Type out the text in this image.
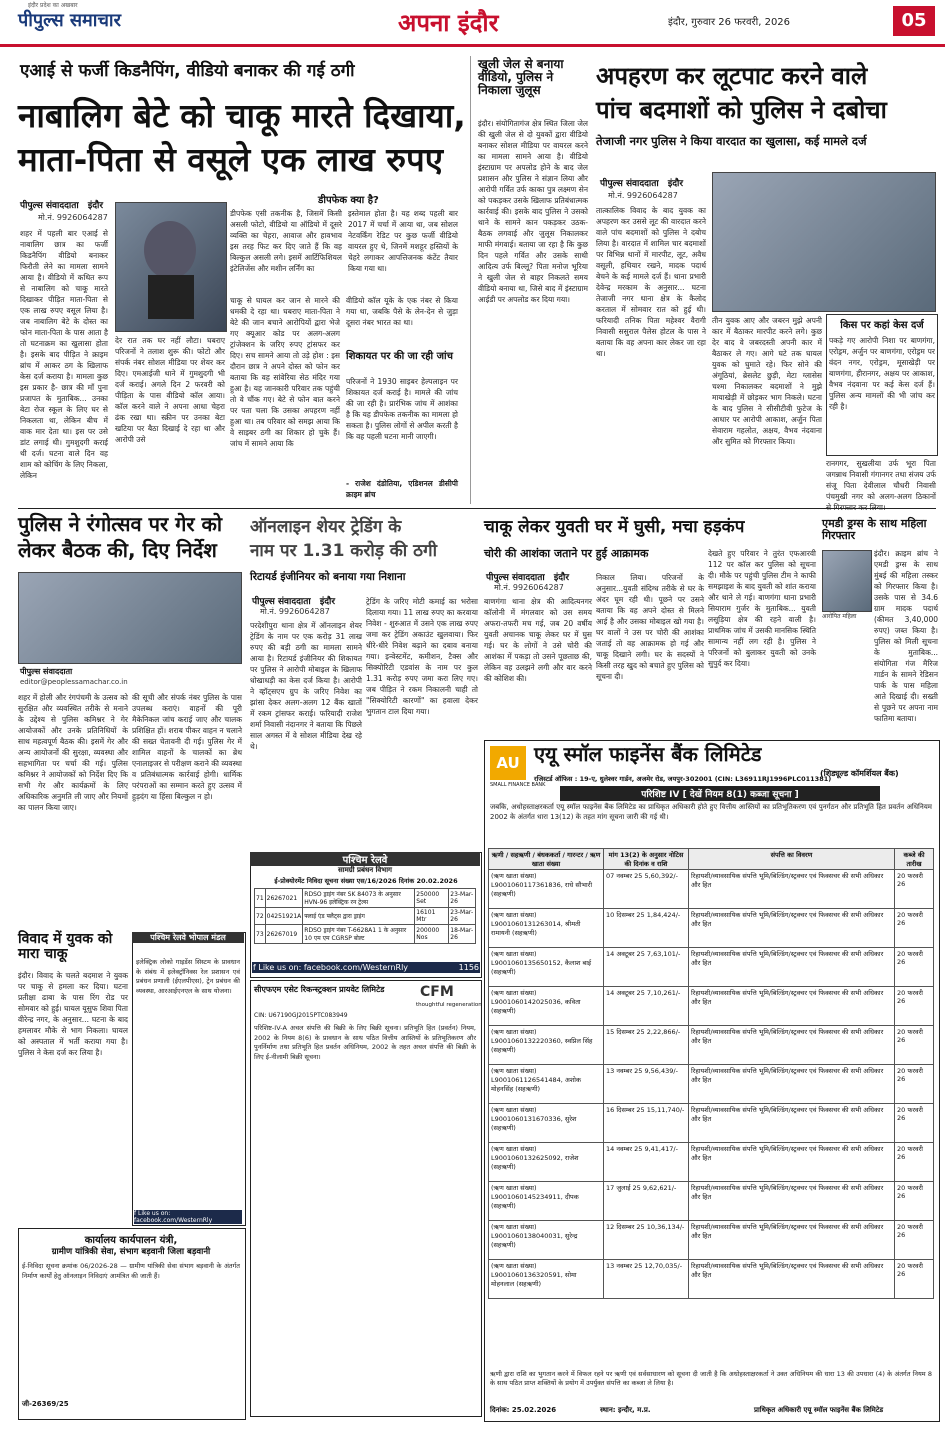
इंदौर प्रदेश का अखबार
पीपुल्स समाचार	अपना इंदौर	इंदौर, गुरुवार 26 फरवरी, 2026	05
एआई से फर्जी किडनैपिंग, वीडियो बनाकर की गई ठगी
नाबालिग बेटे को चाकू मारते दिखाया,
माता-पिता से वसूले एक लाख रुपए
पीपुल्स संवाददाता इंदौर
मो.नं. 9926064287
शहर में पहली बार एआई से नाबालिग छात्र का फर्जी किडनैपिंग वीडियो बनाकर फिरौती लेने का मामला सामने आया है। वीडियो में कथित रूप से नाबालिग को चाकू मारते दिखाकर पीड़ित माता-पिता से एक लाख रुपए वसूल लिया है। जब नाबालिग बेटे के दोस्त का फोन माता-पिता के पास आता है तो घटनाक्रम का खुलासा होता है। इसके बाद पीड़ित ने क्राइम ब्रांच में आकर ठग के खिलाफ केस दर्ज कराया है। मामला कुछ इस प्रकार है- छात्र की माँ पुना प्रजापत के मुताबिक... उनका बेटा रोज स्कूल के लिए घर से निकलता था, लेकिन बीच में वाक मार देता था। इस पर उसे डांट लगाई थी। गुमशुदगी कराई थी दर्ज। घटना वाले दिन वह शाम को कोचिंग के लिए निकला, लेकिन
डीपफेक क्या है?
डीपफेक एसी तकनीक है, जिसमें किसी असली फोटो, वीडियो या ऑडियो में दूसरे व्यक्ति का चेहरा, आवाज और हावभाव इस तरह फिट कर दिए जाते हैं कि वह बिल्कुल असली लगे। इसमें आर्टिफिशियल इंटेलिजेंस और मशीन लर्निंग का
इस्तेमाल होता है। यह शब्द पहली बार 2017 में चर्चा में आया था, जब सोशल नेटवर्किंग रेडिट पर कुछ फर्जी वीडियो वायरल हुए थे, जिनमें मशहूर हस्तियों के चेहरे लगाकर आपत्तिजनक कंटेंट तैयार किया गया था।
देर रात तक घर नहीं लौटा। घबराए परिजनों ने तलाश शुरू की। फोटो और संपर्क नंबर सोशल मीडिया पर शेयर कर दिए। एमआईजी थाने में गुमशुदगी भी दर्ज कराई। अगले दिन 2 फरवरी को पीड़िता के पास वीडियो कॉल आया। कॉल करने वाले ने अपना आधा चेहरा ढंक रखा था। स्क्रीन पर उनका बेटा खटिया पर बैठा दिखाई दे रहा था और आरोपी उसे
चाकू से घायल कर जान से मारने की धमकी दे रहा था। घबराए माता-पिता ने बेटे की जान बचाने आरोपियों द्वारा भेजे गए क्यूआर कोड पर अलग-अलग ट्रांजेक्शन के जरिए रुपए ट्रांसफर कर दिए। सच सामने आया तो उड़े होश : इस दौरान छात्र ने अपने दोस्त को फोन कर बताया कि वह सांवेरिया सेठ मंदिर गया हुआ है। यह जानकारी परिवार तक पहुंची तो वे चौंक गए। बेटे से फोन बात करने पर पता चला कि उसका अपहरण नहीं हुआ था। तब परिवार को समझ आया कि वे साइबर ठगी का शिकार हो चुके हैं। जांच में सामने आया कि
वीडियो कॉल यूके के एक नंबर से किया गया था, जबकि पैसे के लेन-देन से जुड़ा दूसरा नंबर भारत का था।
शिकायत पर की जा रही जांच
परिजनों ने 1930 साइबर हेल्पलाइन पर शिकायत दर्ज कराई है। मामले की जांच की जा रही है। प्रारंभिक जांच में आशंका है कि यह डीपफेक तकनीक का मामला हो सकता है। पुलिस लोगों से अपील करती है कि वह पहली घटना मानी जाएगी।
- राजेश दंडोतिया, एडिशनल डीसीपी क्राइम ब्रांच
खुली जेल से बनाया वीडियो, पुलिस ने निकाला जुलूस
इंदौर। संयोगितागंज क्षेत्र स्थित जिला जेल की खुली जेल से दो युवकों द्वारा वीडियो बनाकर सोशल मीडिया पर वायरल करने का मामला सामने आया है। वीडियो इंस्टाग्राम पर अपलोड होने के बाद जेल प्रशासन और पुलिस ने संज्ञान लिया और आरोपी गर्वित उर्फ काका पुत्र लक्ष्मण सेन को पकड़कर उसके खिलाफ प्रतिबंधात्मक कार्रवाई की। इसके बाद पुलिस ने उसको थाने के सामने कान पकड़कर उठक-बैठक लगवाई और जुलूस निकालकर माफी मंगवाई। बताया जा रहा है कि कुछ दिन पहले गर्वित और उसके साथी आदित्य उर्फ बिल्लू? पिता मनोज भूरिया ने खुली जेल से बाहर निकलते समय वीडियो बनाया था, जिसे बाद में इंस्टाग्राम आईडी पर अपलोड कर दिया गया।
अपहरण कर लूटपाट करने वाले
पांच बदमाशों को पुलिस ने दबोचा
तेजाजी नगर पुलिस ने किया वारदात का खुलासा, कई मामले दर्ज
पीपुल्स संवाददाता इंदौर
मो.नं. 9926064287
तात्कालिक विवाद के बाद युवक का अपहरण कर उससे लूट की वारदात करने वाले पांच बदमाशों को पुलिस ने दबोच लिया है। वारदात में शामिल चार बदमाशों पर विभिन्न थानों में मारपीट, लूट, अवैध वसूली, हथियार रखने, मादक पदार्थ बेचने के कई मामले दर्ज हैं। थाना प्रभारी देवेन्द्र मरकाम के अनुसार... घटना तेजाजी नगर थाना क्षेत्र के कैलोद करताल में सोमवार रात को हुई थी। फरियादी तनिक पिता महेश्वर वैरागी निवासी ससुराल पैलेस होटल के पास ने बताया कि वह अपना कार लेकर जा रहा था।
तीन युवक आए और जबरन मुझे अपनी कार में बैठाकर मारपीट करने लगे। कुछ देर बाद वे जबरदस्ती अपनी कार में बैठाकर ले गए। आगे घटे तक घायल युवक को घुमाते रहे। फिर सोने की अंगूठियां, ब्रेसलेट छुड़ी, मेटा ग्लासेस चश्मा निकालकर बदमाशों ने मुझे मायाखेड़ी में छोड़कर भाग निकले। घटना के बाद पुलिस ने सीसीटीवी फुटेज के आधार पर आरोपी आकाश, अर्जुन पिता सेवाराम गहलोत, अक्षय, वैभव नंदवाना और सुमित को गिरफ्तार किया।
किस पर कहां केस दर्ज
पकड़े गए आरोपी निशा पर बाणगंगा, एरोड्रम, अर्जुन पर बाणगंगा, एरोड्रम पर वंदन नगर, एरोड्रम, मूसाखेड़ी पर बाणगंगा, हीरानगर, अक्षय पर आकाश, वैभव नंदवाना पर कई केस दर्ज हैं। पुलिस अन्य मामलों की भी जांच कर रही है।
रानगगर, सुखलीया उर्फ भूरा पिता जगन्नाथ निवासी गंगानगर तथा संजय उर्फ संजू पिता देवीलाल चौधरी निवासी पंचमुखी नगर को अलग-अलग ठिकानों
पुलिस ने रंगोत्सव पर गेर को
लेकर बैठक की, दिए निर्देश
पीपुल्स संवाददाता
editor@peoplessamachar.co.in
शहर में होली और रंगपंचमी के उत्सव को सुरक्षित और व्यवस्थित तरीके से मनाने के उद्देश्य से पुलिस कमिश्नर ने गेर आयोजकों और उनके प्रतिनिधियों के साथ महत्वपूर्ण बैठक की। इसमें गेर और अन्य आयोजनों की सुरक्षा, व्यवस्था और सहभागिता पर चर्चा की गई। पुलिस कमिश्नर ने आयोजकों को निर्देश दिए कि सभी गेर और कार्यक्रमों के लिए अधिकारिक अनुमति ली जाए और नियमों का पालन किया जाए।
की सूची और संपर्क नंबर पुलिस के पास उपलब्ध कराएं। वाहनों की पूरी मैकेनिकल जांच कराई जाए और चालक प्रशिक्षित हों। शराब पीकर वाहन न चलाने की सख्त चेतावनी दी गई। पुलिस गेर में शामिल वाहनों के चालकों का ब्रेथ एनालाइजर से परीक्षण कराने की व्यवस्था व प्रतिबंधात्मक कार्रवाई होगी। धार्मिक परंपराओं का सम्मान करते हुए उत्सव में हुड़दंग या हिंसा बिल्कुल न हो।
ऑनलाइन शेयर ट्रेडिंग के
नाम पर 1.31 करोड़ की ठगी
रिटायर्ड इंजीनियर को बनाया गया निशाना
पीपुल्स संवाददाता इंदौर
मो.नं. 9926064287
परदेशीपुरा थाना क्षेत्र में ऑनलाइन शेयर ट्रेडिंग के नाम पर एक करोड़ 31 लाख रुपए की बड़ी ठगी का मामला सामने आया है। रिटायर्ड इंजीनियर की शिकायत पर पुलिस ने आरोपी मोबाइल के खिलाफ धोखाधड़ी का केस दर्ज किया है। आरोपी ने व्हॉट्सएप ग्रुप के जरिए निवेश का झांसा देकर अलग-अलग 12 बैंक खातों में रकम ट्रांसफर कराई। फरियादी राजेश शर्मा निवासी नंदानगर ने बताया कि पिछले साल अगस्त में वे सोशल मीडिया देख रहे थे।
ट्रेडिंग के जरिए मोटी कमाई का भरोसा दिलाया गया। 11 लाख रुपए का करवाया निवेश - शुरुआत में उसने एक लाख रुपए जमा कर ट्रेडिंग अकाउंट खुलवाया। फिर धीरे-धीरे निवेश बढ़ाने का दबाव बनाया गया। इन्वेस्टमेंट, कमीशन, टैक्स और सिक्योरिटी एडवांस के नाम पर कुल 1.31 करोड़ रुपए जमा करा लिए गए। जब पीड़ित ने रकम निकालनी चाही तो "सिक्योरिटी कारणों" का हवाला देकर भुगतान टाल दिया गया।
चाकू लेकर युवती घर में घुसी, मचा हड़कंप
चोरी की आशंका जताने पर हुई आक्रामक
पीपुल्स संवाददाता इंदौर
मो.नं. 9926064287
बाणगंगा थाना क्षेत्र की आदित्यनगर कॉलोनी में मंगलवार को उस समय अफरा-तफरी मच गई, जब 20 वर्षीय युवती अचानक चाकू लेकर घर में घुस गई। घर के लोगों ने उसे चोरी की आशंका में पकड़ा तो उसने पूछताछ की, लेकिन वह उलझने लगी और वार करने की कोशिश की।
निकाल लिया। परिजनों के अनुसार...युवती संदिग्ध तरीके से घर के अंदर घूम रही थी। पूछने पर उसने बताया कि वह अपने दोस्त से मिलने आई है और उसका मोबाइल खो गया है। घर वालों ने उस पर चोरी की आशंका जताई तो वह आक्रामक हो गई और चाकू दिखाने लगी। घर के सदस्यों ने किसी तरह खुद को बचाते हुए पुलिस को सूचना दी।
देखते हुए परिवार ने तुरंत एफआरवी 112 पर कॉल कर पुलिस को सूचना दी। मौके पर पहुंची पुलिस टीम ने काफी समझाइश के बाद युवती को शांत कराया और थाने ले गई। बाणगंगा थाना प्रभारी सियाराम गुर्जर के मुताबिक... युवती लसूड़िया क्षेत्र की रहने वाली है। प्राथमिक जांच में उसकी मानसिक स्थिति सामान्य नहीं लग रही है। पुलिस ने परिजनों को बुलाकर युवती को उनके सुपुर्द कर दिया।
एमडी ड्रग्स के साथ महिला गिरफ्तार
आरोपित महिला
इंदौर। क्राइम ब्रांच ने एमडी ड्रग्स के साथ मुंबई की महिला तस्कर को गिरफ्तार किया है। उसके पास से 34.6 ग्राम मादक पदार्थ (कीमत 3,40,000 रुपए) जब्त किया है। पुलिस को मिली सूचना के मुताबिक... संयोगिता गंज मैरिज गार्डन के सामने रेडिसन पार्क के पास महिला आते दिखाई दी। सख्ती से पूछने पर अपना नाम फातिमा बताया।
AU
SMALL FINANCE BANK
एयू स्मॉल फाइनेंस बैंक लिमिटेड
(शिड्यूल्ड कॉमर्शियल बैंक)
रजिस्टर्ड ऑफिस : 19-ए, धुलेश्वर गार्डन, अजमेर रोड, जयपुर-302001 (CIN: L36911RJ1996PLC011381)
परिशिष्ट IV [ देखें नियम 8(1) कब्जा सूचना ]
जबकि, अधोहस्ताक्षरकर्ता एयू स्मॉल फाइनेंस बैंक लिमिटेड का प्राधिकृत अधिकारी होते हुए वित्तीय आस्तियों का प्रतिभूतिकरण एवं पुनर्गठन और प्रतिभूति हित प्रवर्तन अधिनियम 2002 के अंतर्गत धारा 13(12) के तहत मांग सूचना जारी की गई थी।
ऋणी / सहऋणी / बंधककर्ता / गारन्टर / ऋण खाता संख्या	मांग 13(2) के अनुसार नोटिस की दिनांक व राशि	संपत्ति का विवरण	कब्जे की तारीख
(ऋण खाता संख्या) L9001060117361836, राधे सौभारी (सहऋणी)	07 नवम्बर 25 5,60,392/-	रिहायशी/व्यावसायिक संपत्ति भूमि/बिल्डिंग/स्ट्रक्चर एवं फिक्सचर की सभी अधिकार और हित	20 फरवरी 26
(ऋण खाता संख्या) L9001060131263014, श्रीमती रामायनी (सहऋणी)	10 दिसम्बर 25 1,84,424/-	रिहायशी/व्यावसायिक संपत्ति भूमि/बिल्डिंग/स्ट्रक्चर एवं फिक्सचर की सभी अधिकार और हित	20 फरवरी 26
(ऋण खाता संख्या) L9001060135650152, कैलाश बाई (सहऋणी)	14 अक्टूबर 25 7,63,101/-	रिहायशी/व्यावसायिक संपत्ति भूमि/बिल्डिंग/स्ट्रक्चर एवं फिक्सचर की सभी अधिकार और हित	20 फरवरी 26
(ऋण खाता संख्या) L9001060142025036, कविता (सहऋणी)	14 अक्टूबर 25 7,10,261/-	रिहायशी/व्यावसायिक संपत्ति भूमि/बिल्डिंग/स्ट्रक्चर एवं फिक्सचर की सभी अधिकार और हित	20 फरवरी 26
(ऋण खाता संख्या) L9001060132220360, स्वप्निल सिंह (सहऋणी)	15 दिसम्बर 25 2,22,866/-	रिहायशी/व्यावसायिक संपत्ति भूमि/बिल्डिंग/स्ट्रक्चर एवं फिक्सचर की सभी अधिकार और हित	20 फरवरी 26
(ऋण खाता संख्या) L9001061126541484, अशोक मोहनसिंह (सहऋणी)	13 नवम्बर 25 9,56,439/-	रिहायशी/व्यावसायिक संपत्ति भूमि/बिल्डिंग/स्ट्रक्चर एवं फिक्सचर की सभी अधिकार और हित	20 फरवरी 26
(ऋण खाता संख्या) L9001060131670336, सुरेश (सहऋणी)	16 दिसम्बर 25 15,11,740/-	रिहायशी/व्यावसायिक संपत्ति भूमि/बिल्डिंग/स्ट्रक्चर एवं फिक्सचर की सभी अधिकार और हित	20 फरवरी 26
(ऋण खाता संख्या) L9001060132625092, राजेश (सहऋणी)	14 नवम्बर 25 9,41,417/-	रिहायशी/व्यावसायिक संपत्ति भूमि/बिल्डिंग/स्ट्रक्चर एवं फिक्सचर की सभी अधिकार और हित	20 फरवरी 26
(ऋण खाता संख्या) L9001060145234911, दीपक (सहऋणी)	17 जुलाई 25 9,62,621/-	रिहायशी/व्यावसायिक संपत्ति भूमि/बिल्डिंग/स्ट्रक्चर एवं फिक्सचर की सभी अधिकार और हित	20 फरवरी 26
(ऋण खाता संख्या) L9001060138040031, सुरेन्द्र (सहऋणी)	12 दिसम्बर 25 10,36,134/-	रिहायशी/व्यावसायिक संपत्ति भूमि/बिल्डिंग/स्ट्रक्चर एवं फिक्सचर की सभी अधिकार और हित	20 फरवरी 26
(ऋण खाता संख्या) L9001060136320591, सोमा मोहनलाल (सहऋणी)	13 नवम्बर 25 12,70,035/-	रिहायशी/व्यावसायिक संपत्ति भूमि/बिल्डिंग/स्ट्रक्चर एवं फिक्सचर की सभी अधिकार और हित	20 फरवरी 26
ऋणी द्वारा राशि का भुगतान करने में विफल रहने पर ऋणी एवं सर्वसाधारण को सूचना दी जाती है कि अधोहस्ताक्षरकर्ता ने उक्त अधिनियम की धारा 13 की उपधारा (4) के अंतर्गत नियम 8 के साथ पठित प्राप्त शक्तियों के प्रयोग में उपर्युक्त संपत्ति का कब्जा ले लिया है।
दिनांक: 25.02.2026	स्थान: इन्दौर, म.प्र.	प्राधिकृत अधिकारी एयू स्मॉल फाइनेंस बैंक लिमिटेड
पश्चिम रेलवे
सामग्री प्रबंधन विभाग
ई-प्रोक्योरमेंट निविदा सूचना संख्या एस/16/2026 दिनांक 20.02.2026
71	26267021	RDSO ड्राइंग नंबर SK 84073 के अनुसार HVN-96 इलेक्ट्रिक रन ट्रेल्स	250000 Set	23-Mar-26
72	04251921A	फ्लाई एंड फ्लैट्स द्वारा ड्राइंग	16101 Mtr	23-Mar-26
73	26267019	RDSO ड्राइंग नंबर T-6628A1 1 के अनुसार 10 एम एम CGRSP बोल्ट	200000 Nos	18-Mar-26
f Like us on: facebook.com/WesternRly	1156
सीएफएम एसेट रिकन्स्ट्रक्शन प्रायवेट लिमिटेड	CFM
thoughtful regeneration
CIN: U67190GJ2015PTC083949
परिशिष्ट-IV-A अचल संपत्ति की बिक्री के लिए बिक्री सूचना। प्रतिभूति हित (प्रवर्तन) नियम, 2002 के नियम 8(6) के प्रावधान के साथ पठित वित्तीय आस्तियों के प्रतिभूतिकरण और पुनर्निर्माण तथा प्रतिभूति हित प्रवर्तन अधिनियम, 2002 के तहत अचल संपत्ति की बिक्री के लिए ई-नीलामी बिक्री सूचना।
विवाद में युवक को मारा चाकू
इंदौर। विवाद के चलते बदमाश ने युवक पर चाकू से हमला कर दिया। घटना प्रतीक्षा ढाबा के पास रिंग रोड पर सोमवार को हुई। घायल यूसुफ शिवा पिता वीरेन्द्र नगर, के अनुसार... घटना के बाद हमलावर मौके से भाग निकला। घायल को अस्पताल में भर्ती कराया गया है। पुलिस ने केस दर्ज कर लिया है।
पश्चिम रेलवे भोपाल मंडल
इलेक्ट्रिक लोको गाइडेंस सिस्टम के प्रावधान के संबंध में इलेक्ट्रॉनिक्स रेल प्रशासन एवं प्रबंधन प्रणाली (ईएलपीएस), ट्रेन प्रबंधन की व्यवस्था, आरआईएनएल के साथ योजना।
f Like us on: facebook.com/WesternRly
कार्यालय कार्यपालन यंत्री,
ग्रामीण यांत्रिकी सेवा, संभाग बड़वानी जिला बड़वानी
ई-निविदा सूचना क्रमांक 06/2026-28 — ग्रामीण यांत्रिकी सेवा संभाग बड़वानी के अंतर्गत निर्माण कार्यों हेतु ऑनलाइन निविदाएं आमंत्रित की जाती हैं।
जी-26369/25
